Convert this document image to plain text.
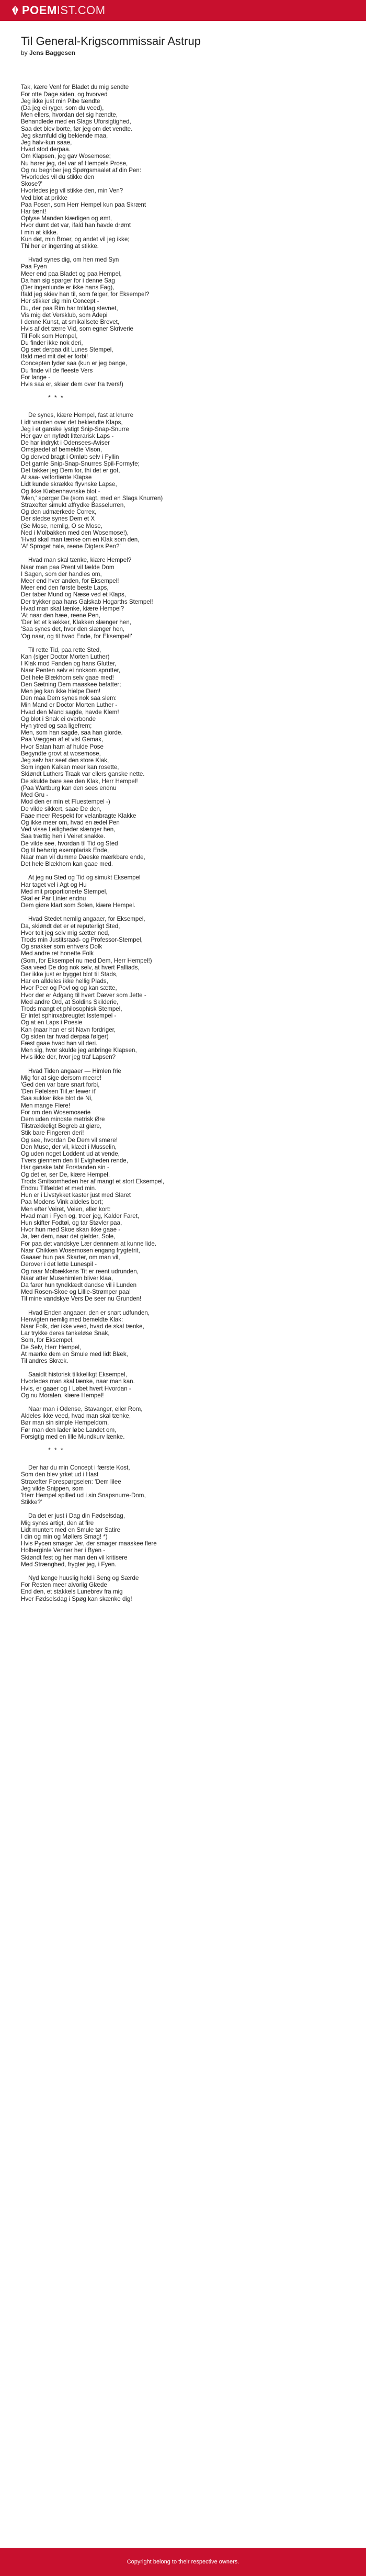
POEMIST.COM
Til General-Krigscommissair Astrup
by Jens Baggesen
Tak, kære Ven! for Bladet du mig sendte
For otte Dage siden, og hvorved
Jeg ikke just min Pibe tændte
(Da jeg ei ryger, som du veed),
Men ellers, hvordan det sig hændte,
Behandlede med en Slags Uforsigtighed,
Saa det blev borte, før jeg om det vendte.
Jeg skamfuld dig bekiende maa,
Jeg halv-kun saae,
Hvad stod derpaa.
Om Klapsen, jeg gav Wosemose;
Nu hører jeg, del var af Hempels Prose,
Og nu begriber jeg Spørgsmaalet af din Pen:
'Hvorledes vil du stikke den
Skose?'
Hvorledes jeg vil stikke den, min Ven?
Ved blot at prikke
Paa Posen, som Herr Hempel kun paa Skrænt
Har tænt!
Oplyse Manden kiærligen og ømt,
Hvor dumt det var, ifald han havde drømt
I min at kikke.
Kun det, min Broer, og andet vil jeg ikke;
Thi her er ingenting at stikke.
Hvad synes dig, om hen med Syn
Paa Fyen
Meer end paa Bladet og paa Hempel,
Da han sig sparger for i denne Sag
(Der ingenlunde er ikke hans Fag),
Ifald jeg skiev han til, som følger, for Eksempel?
Her stikker dig min Concept -
Du, der paa Rim har tolldag stevnet,
Vis mig det Versklub, som Adepi
I denne Kunst, at smikallsete Brevet,
Hvis af det tærre Vid, som egner Skriverie
Til Folk som Hempel,
Du finder ikke nok deri,
Og sæt derpaa dit Lunes Stempel,
Ifald med mit det er forbi!
Concepten lyder saa (kun er jeg bange,
Du finde vil de fleeste Vers
For lange -
Hvis saa er, skiær dem over fra tvers!)
* * *
De synes, kiære Hempel, fast at knurre
Lidt vranten over det bekiendte Klaps,
Jeg i et ganske lystigt Snip-Snap-Snurre
Her gav en nyfødt litterarisk Laps -
De har indrykt i Odensees-Aviser
Omsjaedet af bemeldte Vison,
Og derved bragt i Omløb selv i Fyllin
Det gamle Snip-Snap-Snurres Spil-Formyfe;
Det takker jeg Dem for, thi det er got,
At saa- velfortiente Klapse
Lidt kunde skrække flyvnske Lapse,
Og ikke Kiøbenhavnske blot -
'Men,' spørger De (som sagt, med en Slags Knurren)
Straxefter simukt affrydke Basselurren,
Og den udmærkede Correx,
Der stedse synes Dem et X
(Se Mose, nemlig, O se Mose,
Ned i Molbakken med den Wosemose!),
'Hvad skal man tænke om en Klak som den,
'Af Sproget hale, reene Digters Pen?'
Hvad man skal tænke, kiære Hempel?
Naar man paa Prent vil fælde Dom
I Sagen, som der handles om,
Meer end hver anden, for Eksempel!
Meer end den første beste Laps,
Der taber Mund og Næse ved et Klaps,
Der trykker paa hans Galskab Hogarths Stempel!
Hvad man skal tænke, kiære Hempel?
'At naar den hæe, reene Pen,
'Der let et klækker, Klakken slænger hen,
'Saa synes det, hvor den slænger hen,
'Og naar, og til hvad Ende, for Eksempel!'
Til rette Tid, paa rette Sted,
Kan (siger Doctor Morten Luther)
I Klak mod Fanden og hans Glutter,
Naar Penten selv ei noksom sprutter,
Det hele Blækhorn selv gaae med!
Den Sætning Dem maaskee betatter;
Men jeg kan ikke hielpe Dem!
Den maa Dem synes nok saa slem:
Min Mand er Doctor Morten Luther -
Hvad den Mand sagde, havde Klem!
Og blot i Snak ei overbonde
Hyn ytred og saa ligefrem;
Men, som han sagde, saa han giorde.
Paa Væggen af et visl Gemak,
Hvor Satan ham af hulde Pose
Begyndte grovt at wosemose,
Jeg selv har seet den store Klak,
Som ingen Kalkan meer kan rosette,
Skiøndt Luthers Traak var ellers ganske nette.
De skulde bare see den Klak, Herr Hempel!
(Paa Wartburg kan den sees endnu
Med Gru -
Mod den er min et Fluestempel -)
De vilde sikkert, saae De den,
Faae meer Respekt for velanbragte Klakke
Og ikke meer om, hvad en ædel Pen
Ved visse Leiligheder slænger hen,
Saa trættig hen i Veiret snakke.
De vilde see, hvordan til Tid og Sted
Og til behørig exemplarisk Ende,
Naar man vil dumme Daeske mærkbare ende,
Det hele Blækhorn kan gaae med.
At jeg nu Sted og Tid og simukt Eksempel
Har taget vel i Agt og Hu
Med mit proportionerte Stempel,
Skal er Par Linier endnu
Dem giøre klart som Solen, kiære Hempel.
Hvad Stedet nemlig angaaer, for Eksempel,
Da, skiøndt det er et reputerligt Sted,
Hvor tolt jeg selv mig sætter ned,
Trods min Justitsraad- og Professor-Stempel,
Og snakker som enhvers Dolk
Med andre ret honette Folk
(Som, for Eksempel nu med Dem, Herr Hempel!)
Saa veed De dog nok selv, at hvert Palliads,
Der ikke just er bygget blot til Stads,
Har en alldeles ikke hellig Plads,
Hvor Peer og Povl og og kan sætte,
Hvor der er Adgang til hvert Dæver som Jette -
Med andre Ord, at Soldins Skilderie,
Trods mangt et philosophisk Stempel,
Er intet sphinxabreugtet Isstempel -
Og at en Laps i Poesie
Kan (naar han er sit Navn fordriger,
Og siden tar hvad derpaa følger)
Fæst gaae hvad han vil deri.
Men sig, hvor skulde jeg anbringe Klapsen,
Hvis ikke der, hvor jeg traf Lapsen?
Hvad Tiden angaaer — Himlen frie
Mig for at sige dersom meere!
'Ged den var bare snart forbi,
'Den Følelsen Tiil,er lewer it'
Saa sukker ikke blot de Ni,
Men mange Flere!
For om den Wosemoserie
Dem uden mindste metrisk Øre
Tilstrækkeligt Begreb at giøre,
Stik bare Fingeren deri!
Og see, hvordan De Dem vil smøre!
Den Muse, der vil, klædt i Musselin,
Og uden noget Loddent ud at vende,
Tvers giennem den til Evigheden rende,
Har ganske tabt Forstanden sin -
Og det er, ser De, kiære Hempel,
Trods Smitsomheden her af mangt et stort Eksempel,
Endnu Tilfældet et med min.
Hun er i Livstykket kaster just med Slaret
Paa Modens Vink aldeles bort;
Men efter Veiret, Veien, eller kort:
Hvad man i Fyen og, troer jeg, Kalder Faret,
Hun skifter Fodtøi, og tar Støvler paa,
Hvor hun med Skoe skan ikke gaae -
Ja, lær dem, naar det gielder, Sole,
For paa det vandskye Lær dennnem at kunne lide.
Naar Chikken Wosemosen engang frygtetrit,
Gaaaer hun paa Skarter, om man vil,
Derover i det lette Lunespil -
Og naar Molbækkens Tit er reent udrunden,
Naar atter Musehimlen bliver klaa,
Da farer hun tyndklædt dandse vil i Lunden
Med Rosen-Skoe og Lillie-Strømper paa!
Til mine vandskye Vers De seer nu Grunden!
Hvad Enden angaaer, den er snart udfunden,
Henvigten nemlig med bemeldte Klak:
Naar Folk, der ikke veed, hvad de skal tænke,
Lar trykke deres tankeløse Snak,
Som, for Eksempel,
De Selv, Herr Hempel,
At mærke dem en Smule med lidt Blæk,
Til andres Skræk.
Saaidlt historisk tilkkelikgt Eksempel,
Hvorledes man skal tænke, naar man kan.
Hvis, er gaaer og I Løbet hvert Hvordan -
Og nu Moralen, kiære Hempel!
Naar man i Odense, Stavanger, eller Rom,
Aldeles ikke veed, hvad man skal tænke,
Bør man sin simple Hempeldom,
Før man den lader løbe Landet om,
Forsigtig med en lille Mundkurv lænke.
* * *
Der har du min Concept i færste Kost,
Som den blev yrket ud i Hast
Straxefter Forespørgselen: 'Dem lilee
Jeg vilde Snippen, som
'Herr Hempel spilled ud i sin Snapsnurre-Dom,
Stikke?'
Da det er just i Dag din Fødselsdag,
Mig synes artigt, den at fire
Lidt muntert med en Smule tør Satire
I din og min og Møllers Smag! *)
Hvis Pycen smager Jer, der smager maaskee flere
Holberginle Venner her i Byen -
Skiøndt fest og her man den vil kritisere
Med Strænghed, frygter jeg, i Fyen.
Nyd længe huuslig held i Seng og Særde
For Resten meer alvorlig Glæde
End den, et stakkels Lunebrev fra mig
Hver Fødselsdag i Spøg kan skænke dig!
Copyright belong to their respective owners.
